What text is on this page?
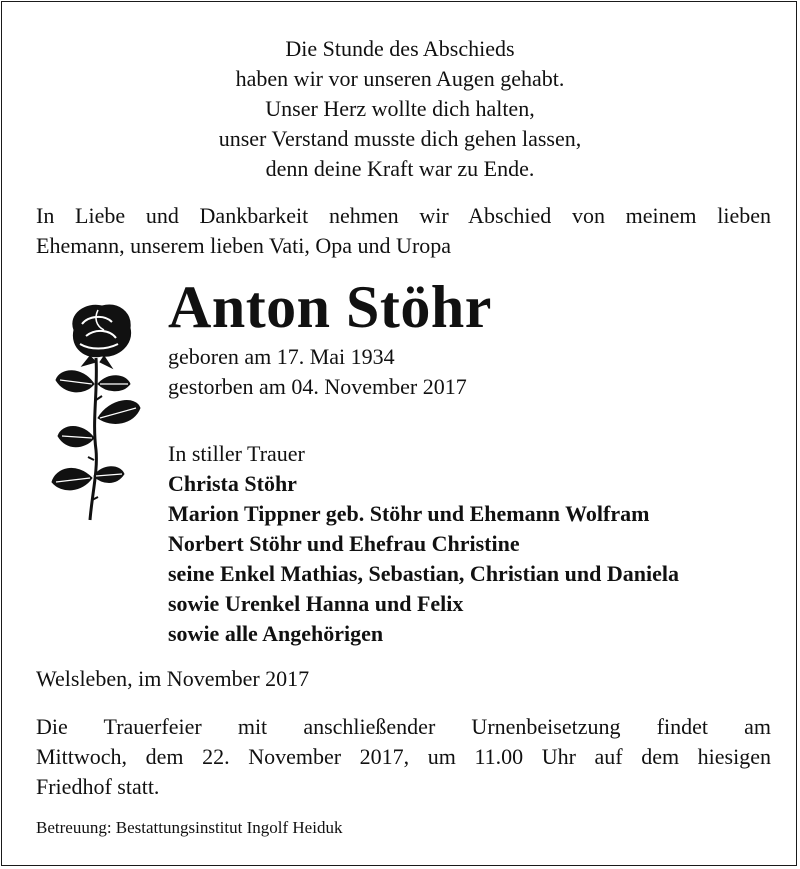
Die Stunde des Abschieds
haben wir vor unseren Augen gehabt.
Unser Herz wollte dich halten,
unser Verstand musste dich gehen lassen,
denn deine Kraft war zu Ende.
In Liebe und Dankbarkeit nehmen wir Abschied von meinem lieben
Ehemann, unserem lieben Vati, Opa und Uropa
Anton Stöhr
geboren am 17. Mai 1934
gestorben am 04. November 2017
In stiller Trauer
Christa Stöhr
Marion Tippner geb. Stöhr und Ehemann Wolfram
Norbert Stöhr und Ehefrau Christine
seine Enkel Mathias, Sebastian, Christian und Daniela
sowie Urenkel Hanna und Felix
sowie alle Angehörigen
Welsleben, im November 2017
Die Trauerfeier mit anschließender Urnenbeisetzung findet am
Mittwoch, dem 22. November 2017, um 11.00 Uhr auf dem hiesigen
Friedhof statt.
Betreuung: Bestattungsinstitut Ingolf Heiduk
